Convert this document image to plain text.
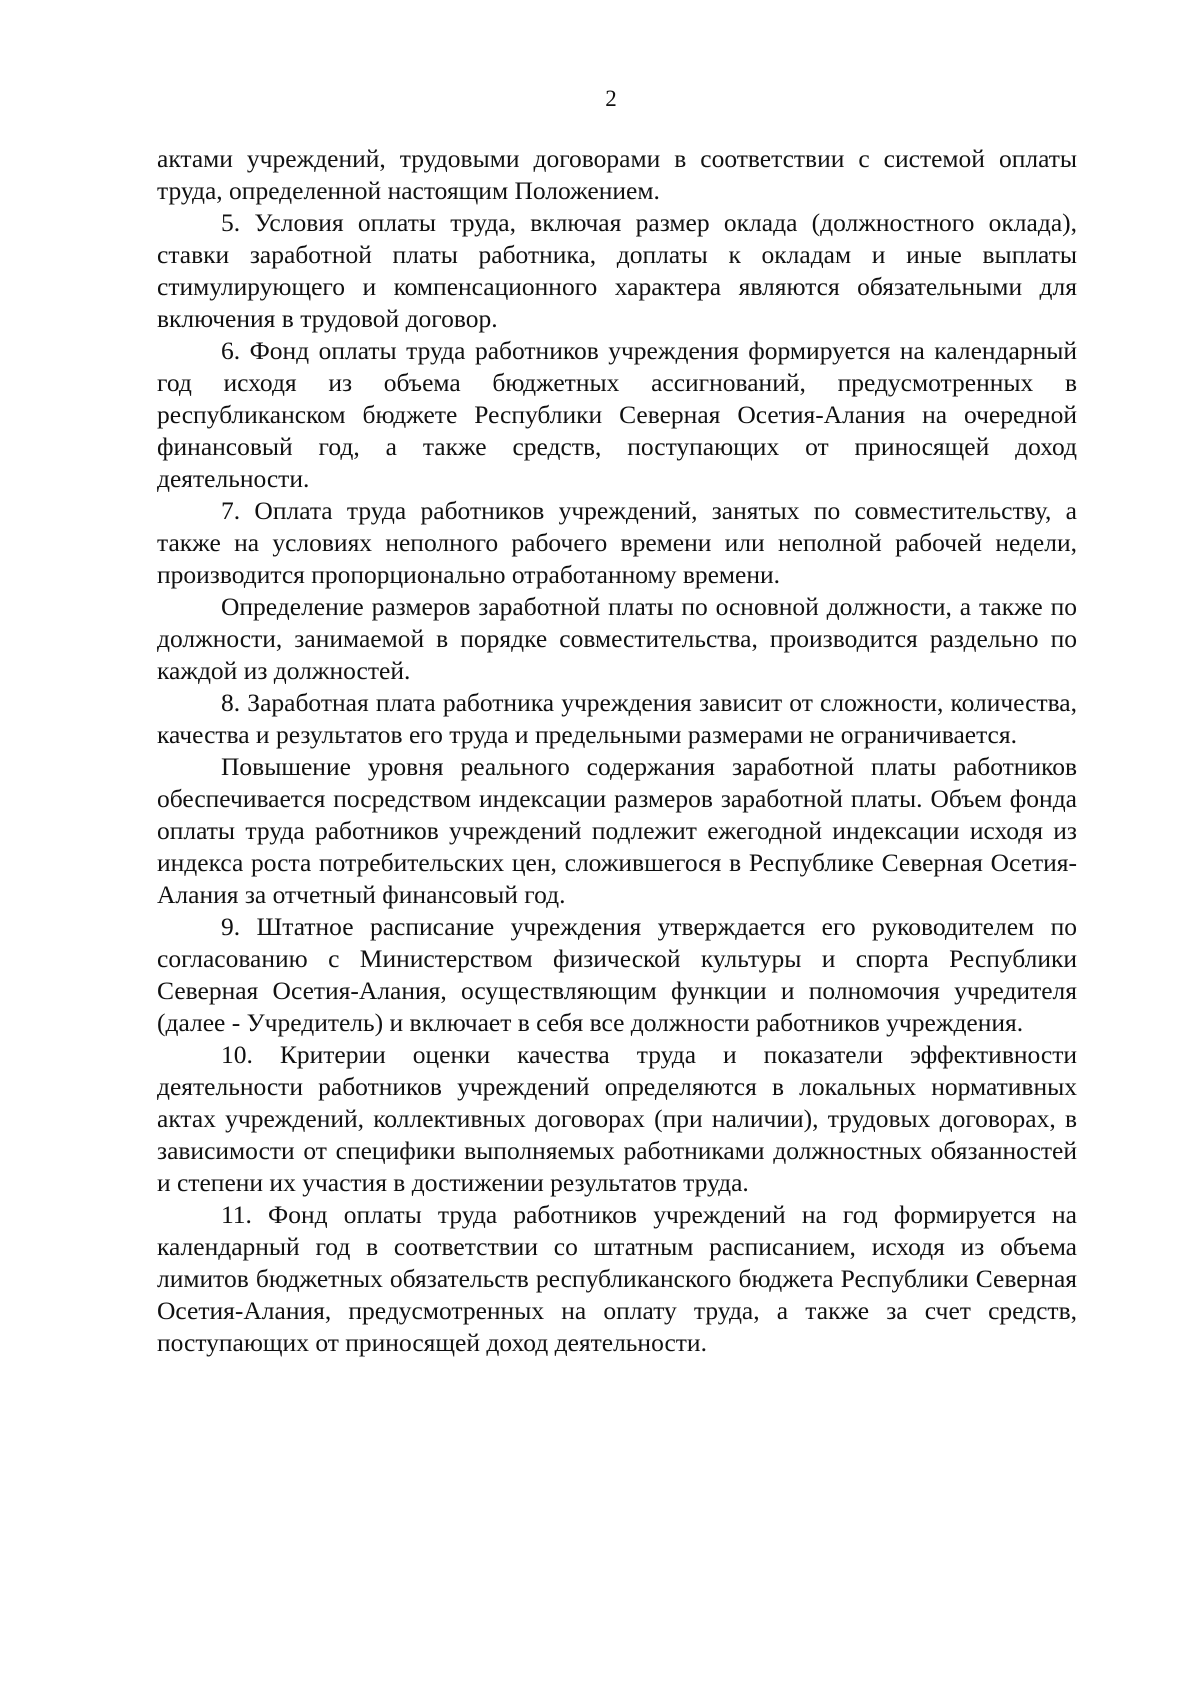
2

актами учреждений, трудовыми договорами в соответствии с системой оплаты труда, определенной настоящим Положением.

5. Условия оплаты труда, включая размер оклада (должностного оклада), ставки заработной платы работника, доплаты к окладам и иные выплаты стимулирующего и компенсационного характера являются обязательными для включения в трудовой договор.

6. Фонд оплаты труда работников учреждения формируется на календарный год исходя из объема бюджетных ассигнований, предусмотренных в республиканском бюджете Республики Северная Осетия-Алания на очередной финансовый год, а также средств, поступающих от приносящей доход деятельности.

7. Оплата труда работников учреждений, занятых по совместительству, а также на условиях неполного рабочего времени или неполной рабочей недели, производится пропорционально отработанному времени.

Определение размеров заработной платы по основной должности, а также по должности, занимаемой в порядке совместительства, производится раздельно по каждой из должностей.

8. Заработная плата работника учреждения зависит от сложности, количества, качества и результатов его труда и предельными размерами не ограничивается.

Повышение уровня реального содержания заработной платы работников обеспечивается посредством индексации размеров заработной платы. Объем фонда оплаты труда работников учреждений подлежит ежегодной индексации исходя из индекса роста потребительских цен, сложившегося в Республике Северная Осетия-Алания за отчетный финансовый год.

9. Штатное расписание учреждения утверждается его руководителем по согласованию с Министерством физической культуры и спорта Республики Северная Осетия-Алания, осуществляющим функции и полномочия учредителя (далее - Учредитель) и включает в себя все должности работников учреждения.

10. Критерии оценки качества труда и показатели эффективности деятельности работников учреждений определяются в локальных нормативных актах учреждений, коллективных договорах (при наличии), трудовых договорах, в зависимости от специфики выполняемых работниками должностных обязанностей и степени их участия в достижении результатов труда.

11. Фонд оплаты труда работников учреждений на год формируется на календарный год в соответствии со штатным расписанием, исходя из объема лимитов бюджетных обязательств республиканского бюджета Республики Северная Осетия-Алания, предусмотренных на оплату труда, а также за счет средств, поступающих от приносящей доход деятельности.
